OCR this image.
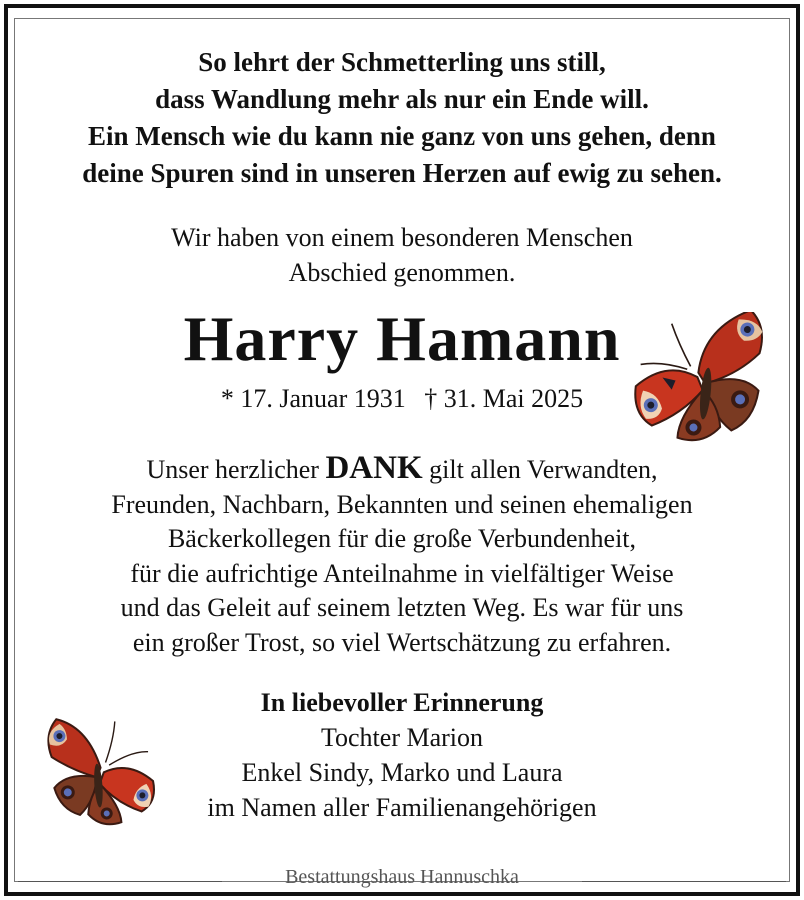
So lehrt der Schmetterling uns still,
dass Wandlung mehr als nur ein Ende will.
Ein Mensch wie du kann nie ganz von uns gehen, denn
deine Spuren sind in unseren Herzen auf ewig zu sehen.
Wir haben von einem besonderen Menschen
Abschied genommen.
Harry Hamann
* 17. Januar 1931 † 31. Mai 2025
Unser herzlicher DANK gilt allen Verwandten,
Freunden, Nachbarn, Bekannten und seinen ehemaligen
Bäckerkollegen für die große Verbundenheit,
für die aufrichtige Anteilnahme in vielfältiger Weise
und das Geleit auf seinem letzten Weg. Es war für uns
ein großer Trost, so viel Wertschätzung zu erfahren.
In liebevoller Erinnerung
Tochter Marion
Enkel Sindy, Marko und Laura
im Namen aller Familienangehörigen
Bestattungshaus Hannuschka
